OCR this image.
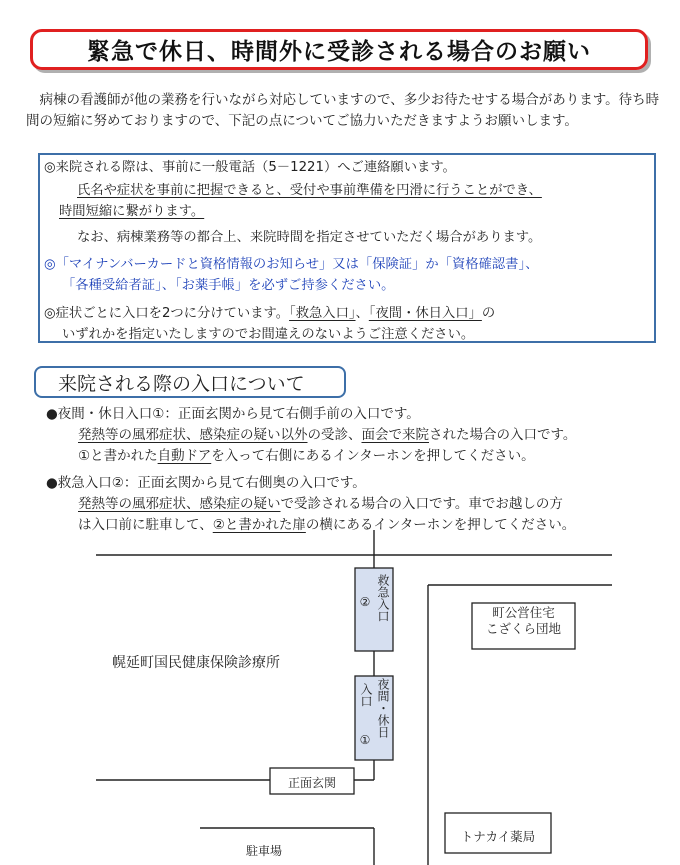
緊急で休日、時間外に受診される場合のお願い
病棟の看護師が他の業務を行いながら対応していますので、多少お待たせする場合があります。待ち時間の短縮に努めておりますので、下記の点についてご協力いただきますようお願いします。

◎来院される際は、事前に一般電話（5－1221）へご連絡願います。

氏名や症状を事前に把握できると、受付や事前準備を円滑に行うことができ、

時間短縮に繋がります。

なお、病棟業務等の都合上、来院時間を指定させていただく場合があります。

◎「マイナンバーカードと資格情報のお知らせ」又は「保険証」か「資格確認書」、

「各種受給者証」、「お薬手帳」を必ずご持参ください。

◎症状ごとに入口を2つに分けています。「救急入口」、「夜間・休日入口」の

いずれかを指定いたしますのでお間違えのないようご注意ください。

来院される際の入口について
●夜間・休日入口①：正面玄関から見て右側手前の入口です。
発熱等の風邪症状、感染症の疑い以外の受診、面会で来院された場合の入口です。
①と書かれた自動ドアを入って右側にあるインターホンを押してください。
●救急入口②：正面玄関から見て右側奥の入口です。
発熱等の風邪症状、感染症の疑いで受診される場合の入口です。車でお越しの方
は入口前に駐車して、②と書かれた扉の横にあるインターホンを押してください。
幌延町国民健康保険診療所
町公営住宅
こざくら団地
② 救急入口
入口
①
夜間・休日
正面玄関
駐車場
トナカイ薬局
